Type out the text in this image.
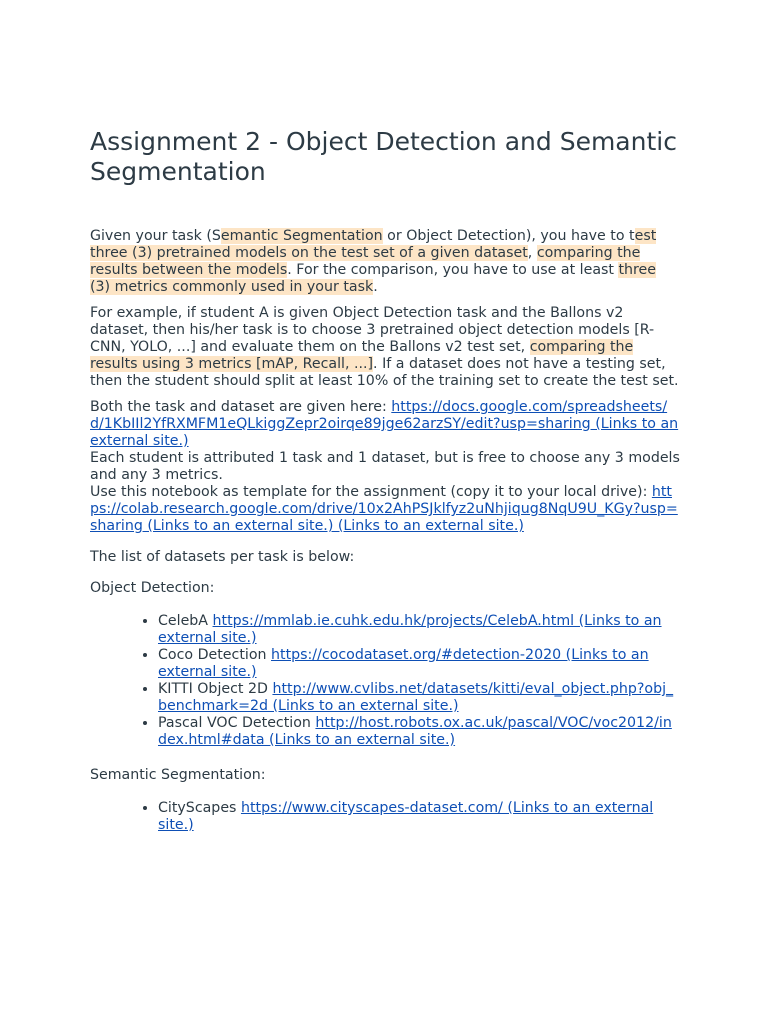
Assignment 2 - Object Detection and Semantic Segmentation

Given your task (Semantic Segmentation or Object Detection), you have to test three (3) pretrained models on the test set of a given dataset, comparing the results between the models. For the comparison, you have to use at least three (3) metrics commonly used in your task.

For example, if student A is given Object Detection task and the Ballons v2 dataset, then his/her task is to choose 3 pretrained object detection models [R-CNN, YOLO, ...] and evaluate them on the Ballons v2 test set, comparing the results using 3 metrics [mAP, Recall, ...]. If a dataset does not have a testing set, then the student should split at least 10% of the training set to create the test set.

Both the task and dataset are given here: https://docs.google.com/spreadsheets/d/1KbIIl2YfRXMFM1eQLkiggZepr2oirqe89jge62arzSY/edit?usp=sharing (Links to an external site.)
Each student is attributed 1 task and 1 dataset, but is free to choose any 3 models and any 3 metrics.
Use this notebook as template for the assignment (copy it to your local drive): https://colab.research.google.com/drive/10x2AhPSJklfyz2uNhjiqug8NqU9U_KGy?usp=sharing (Links to an external site.) (Links to an external site.)

The list of datasets per task is below:

Object Detection:

• CelebA https://mmlab.ie.cuhk.edu.hk/projects/CelebA.html (Links to an external site.)
• Coco Detection https://cocodataset.org/#detection-2020 (Links to an external site.)
• KITTI Object 2D http://www.cvlibs.net/datasets/kitti/eval_object.php?obj_benchmark=2d (Links to an external site.)
• Pascal VOC Detection http://host.robots.ox.ac.uk/pascal/VOC/voc2012/index.html#data (Links to an external site.)

Semantic Segmentation:

• CityScapes https://www.cityscapes-dataset.com/ (Links to an external site.)
